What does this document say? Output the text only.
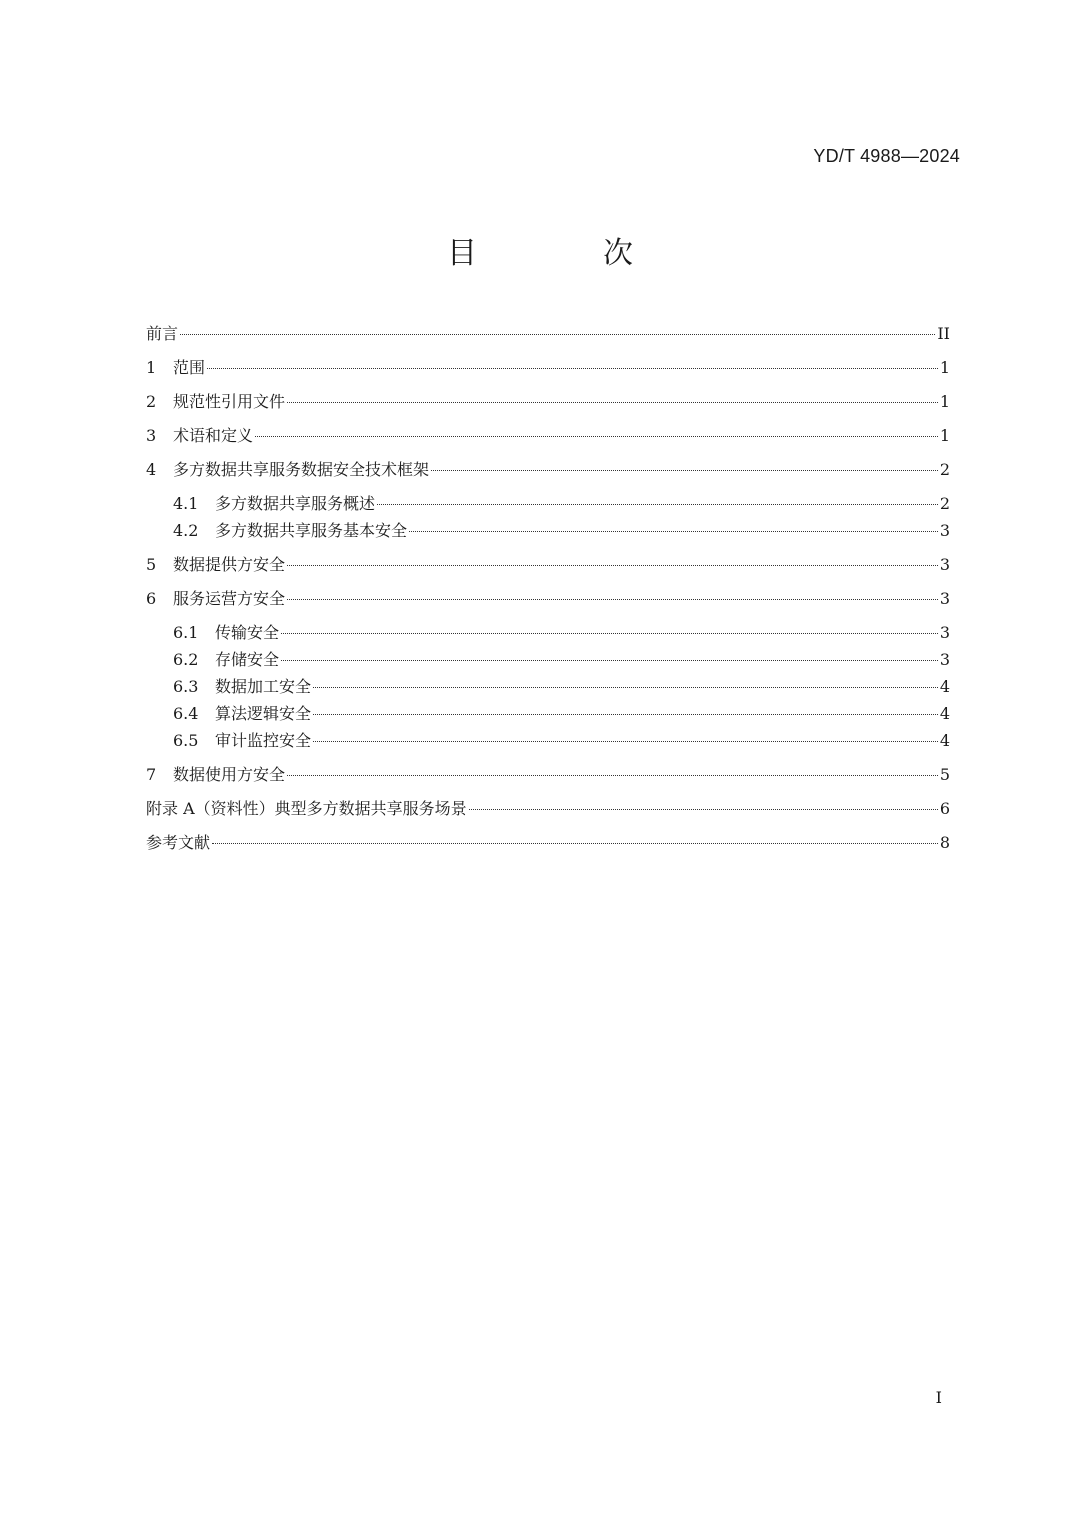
YD/T 4988—2024
目　次
前言	II
1	范围	1
2	规范性引用文件	1
3	术语和定义	1
4	多方数据共享服务数据安全技术框架	2
4.1	多方数据共享服务概述	2
4.2	多方数据共享服务基本安全	3
5	数据提供方安全	3
6	服务运营方安全	3
6.1	传输安全	3
6.2	存储安全	3
6.3	数据加工安全	4
6.4	算法逻辑安全	4
6.5	审计监控安全	4
7	数据使用方安全	5
附录 A（资料性）典型多方数据共享服务场景	6
参考文献	8
I
